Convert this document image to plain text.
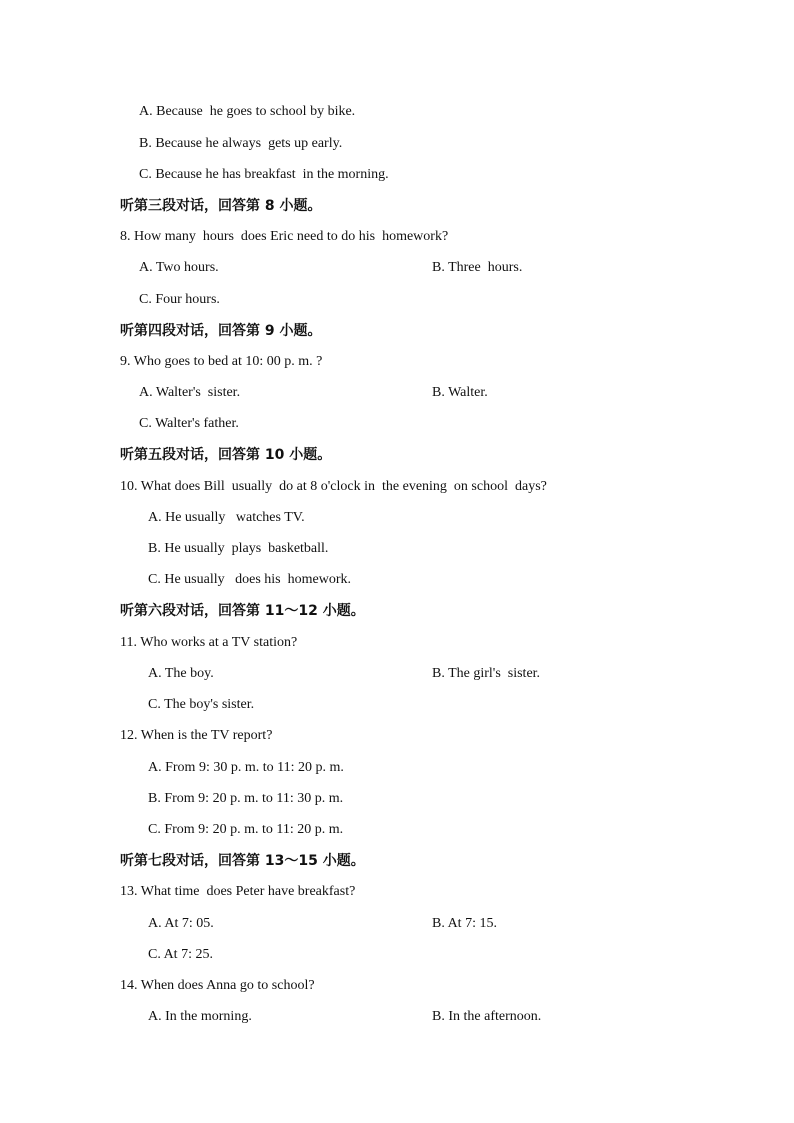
A. Because  he goes to school by bike.
B. Because he always  gets up early.
C. Because he has breakfast  in the morning.
听第三段对话，回答第 8 小题。
8. How many  hours  does Eric need to do his  homework?
A. Two hours.	B. Three  hours.
C. Four hours.
听第四段对话，回答第 9 小题。
9. Who goes to bed at 10: 00 p. m. ?
A. Walter's  sister.	B. Walter.
C. Walter's father.
听第五段对话，回答第 10 小题。
10. What does Bill  usually  do at 8 o'clock in  the evening  on school  days?
A. He usually   watches TV.
B. He usually  plays  basketball.
C. He usually   does his  homework.
听第六段对话，回答第 11～12 小题。
11. Who works at a TV station?
A. The boy.	B. The girl's  sister.
C. The boy's sister.
12. When is the TV report?
A. From 9: 30 p. m. to 11: 20 p. m.
B. From 9: 20 p. m. to 11: 30 p. m.
C. From 9: 20 p. m. to 11: 20 p. m.
听第七段对话，回答第 13～15 小题。
13. What time  does Peter have breakfast?
A. At 7: 05.	B. At 7: 15.
C. At 7: 25.
14. When does Anna go to school?
A. In the morning.	B. In the afternoon.
